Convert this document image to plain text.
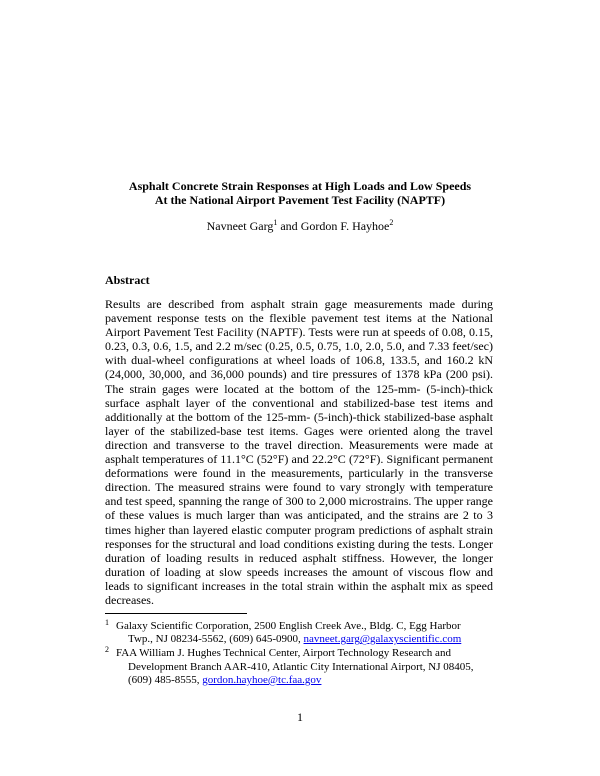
Asphalt Concrete Strain Responses at High Loads and Low Speeds
At the National Airport Pavement Test Facility (NAPTF)
Navneet Garg$^1$ and Gordon F. Hayhoe$^2$
Abstract
Results are described from asphalt strain gage measurements made during pavement response tests on the flexible pavement test items at the National Airport Pavement Test Facility (NAPTF). Tests were run at speeds of 0.08, 0.15, 0.23, 0.3, 0.6, 1.5, and 2.2 m/sec (0.25, 0.5, 0.75, 1.0, 2.0, 5.0, and 7.33 feet/sec) with dual-wheel configurations at wheel loads of 106.8, 133.5, and 160.2 kN (24,000, 30,000, and 36,000 pounds) and tire pressures of 1378 kPa (200 psi). The strain gages were located at the bottom of the 125-mm- (5-inch)-thick surface asphalt layer of the conventional and stabilized-base test items and additionally at the bottom of the 125-mm- (5-inch)-thick stabilized-base asphalt layer of the stabilized-base test items. Gages were oriented along the travel direction and transverse to the travel direction. Measurements were made at asphalt temperatures of 11.1°C (52°F) and 22.2°C (72°F). Significant permanent deformations were found in the measurements, particularly in the transverse direction. The measured strains were found to vary strongly with temperature and test speed, spanning the range of 300 to 2,000 microstrains. The upper range of these values is much larger than was anticipated, and the strains are 2 to 3 times higher than layered elastic computer program predictions of asphalt strain responses for the structural and load conditions existing during the tests. Longer duration of loading results in reduced asphalt stiffness. However, the longer duration of loading at slow speeds increases the amount of viscous flow and leads to significant increases in the total strain within the asphalt mix as speed decreases.
1 Galaxy Scientific Corporation, 2500 English Creek Ave., Bldg. C, Egg Harbor
Twp., NJ 08234-5562, (609) 645-0900, navneet.garg@galaxyscientific.com
2 FAA William J. Hughes Technical Center, Airport Technology Research and
Development Branch AAR-410, Atlantic City International Airport, NJ 08405,
(609) 485-8555, gordon.hayhoe@tc.faa.gov
1
